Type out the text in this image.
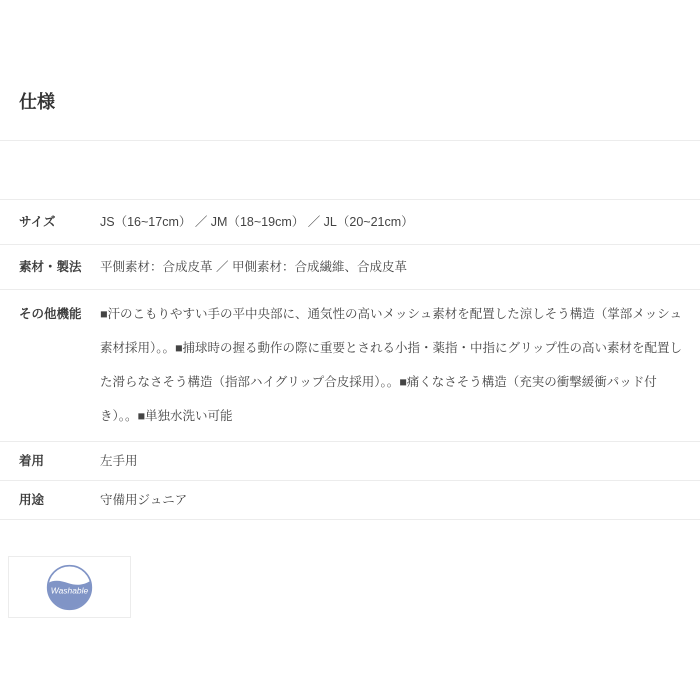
仕様
サイズ	JS（16~17cm） ／ JM（18~19cm） ／ JL（20~21cm）
素材・製法	平側素材：合成皮革 ／ 甲側素材：合成繊維、合成皮革
その他機能	■汗のこもりやすい手の平中央部に、通気性の高いメッシュ素材を配置した涼しそう構造（掌部メッシュ素材採用）。。■捕球時の握る動作の際に重要とされる小指・薬指・中指にグリップ性の高い素材を配置した滑らなさそう構造（指部ハイグリップ合皮採用）。。■痛くなさそう構造（充実の衝撃緩衝パッド付き）。。■単独水洗い可能
着用	左手用
用途	守備用ジュニア
Washable
